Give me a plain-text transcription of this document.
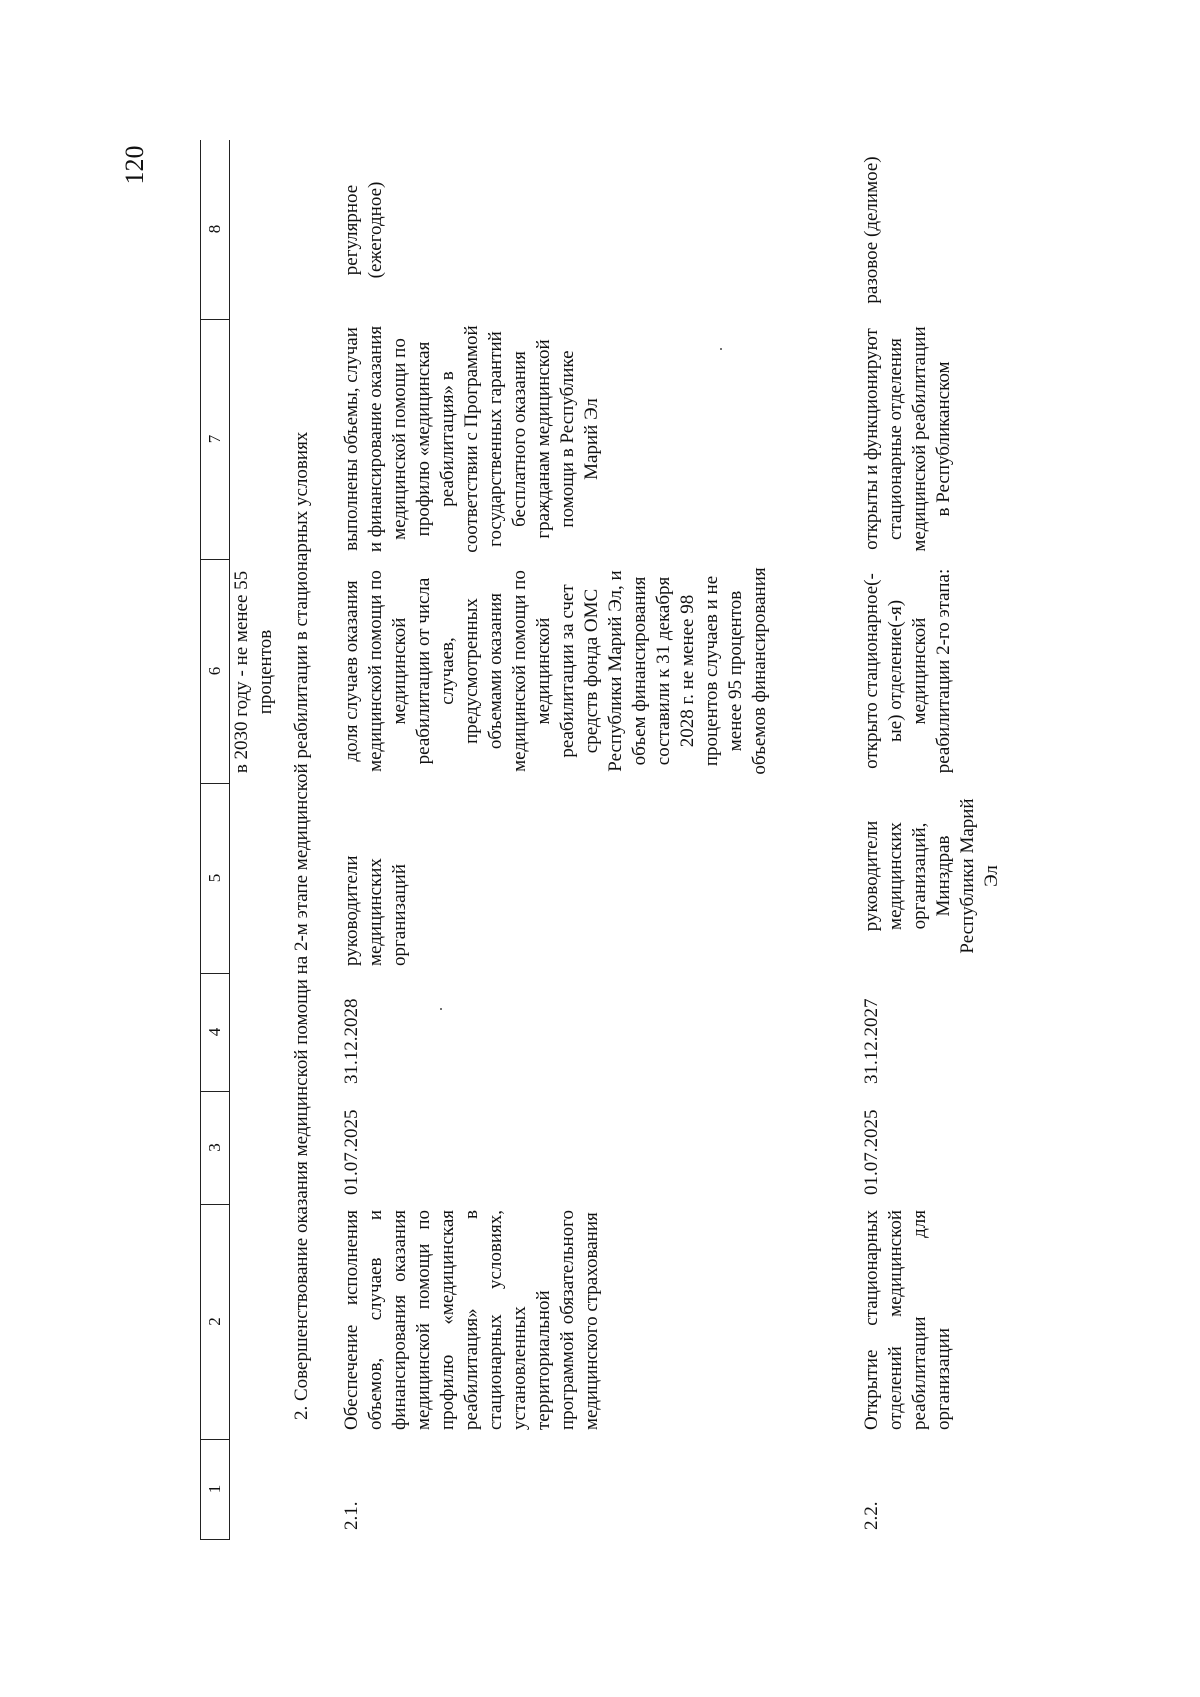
120
1
2
3
4
5
6
7
8
в 2030 году - не менее 55 процентов 2. Совершенствование оказания медицинской помощи на 2-м этапе медицинской реабилитации в стационарных условиях
2.1.
Обеспечение исполнения объемов, случаев и финансирования оказания медицинской помощи по профилю «медицинская реабилитация» в стационарных условиях, установленных территориальной программой обязательного медицинского страхования
01.07.2025
31.12.2028
руководители медицинских организаций
доля случаев оказания медицинской помощи по медицинской реабилитации от числа случаев, предусмотренных объемами оказания медицинской помощи по медицинской реабилитации за счет средств фонда ОМС Республики Марий Эл, и объем финансирования составили к 31 декабря 2028 г. не менее 98 процентов случаев и не менее 95 процентов объемов финансирования
выполнены объемы, случаи и финансирование оказания медицинской помощи по профилю «медицинская реабилитация» в соответствии с Программой государственных гарантий бесплатного оказания гражданам медицинской помощи в Республике Марий Эл
регулярное (ежегодное)
2.2.
Открытие стационарных отделений медицинской реабилитации для организации
01.07.2025
31.12.2027
руководители медицинских организаций, Минздрав Республики Марий Эл
открыто стационарное(-ые) отделение(-я) медицинской реабилитации 2-го этапа:
открыты и функционируют стационарные отделения медицинской реабилитации в Республиканском
разовое (делимое)
